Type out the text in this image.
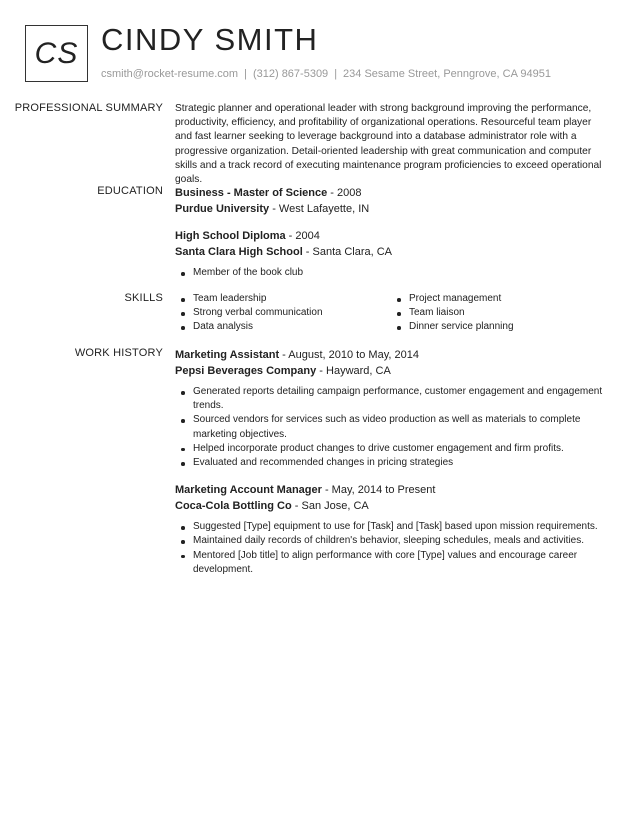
CS CINDY SMITH
csmith@rocket-resume.com | (312) 867-5309 | 234 Sesame Street, Penngrove, CA 94951
PROFESSIONAL SUMMARY Strategic planner and operational leader with strong background improving the performance, productivity, efficiency, and profitability of organizational operations. Resourceful team player and fast learner seeking to leverage background into a database administrator role with a progressive organization. Detail-oriented leadership with great communication and computer skills and a track record of executing maintenance program proficiencies to exceed operational goals.
EDUCATION Business - Master of Science - 2008
Purdue University - West Lafayette, IN
High School Diploma - 2004
Santa Clara High School - Santa Clara, CA
Member of the book club
SKILLS	Team leadership
Strong verbal communication
Data analysis
Project management
Team liaison
Dinner service planning
WORK HISTORY Marketing Assistant - August, 2010 to May, 2014
Pepsi Beverages Company - Hayward, CA
Generated reports detailing campaign performance, customer engagement and engagement trends.
Sourced vendors for services such as video production as well as materials to complete marketing objectives.
Helped incorporate product changes to drive customer engagement and firm profits.
Evaluated and recommended changes in pricing strategies
Marketing Account Manager - May, 2014 to Present
Coca-Cola Bottling Co - San Jose, CA
Suggested [Type] equipment to use for [Task] and [Task] based upon mission requirements.
Maintained daily records of children's behavior, sleeping schedules, meals and activities.
Mentored [Job title] to align performance with core [Type] values and encourage career development.
